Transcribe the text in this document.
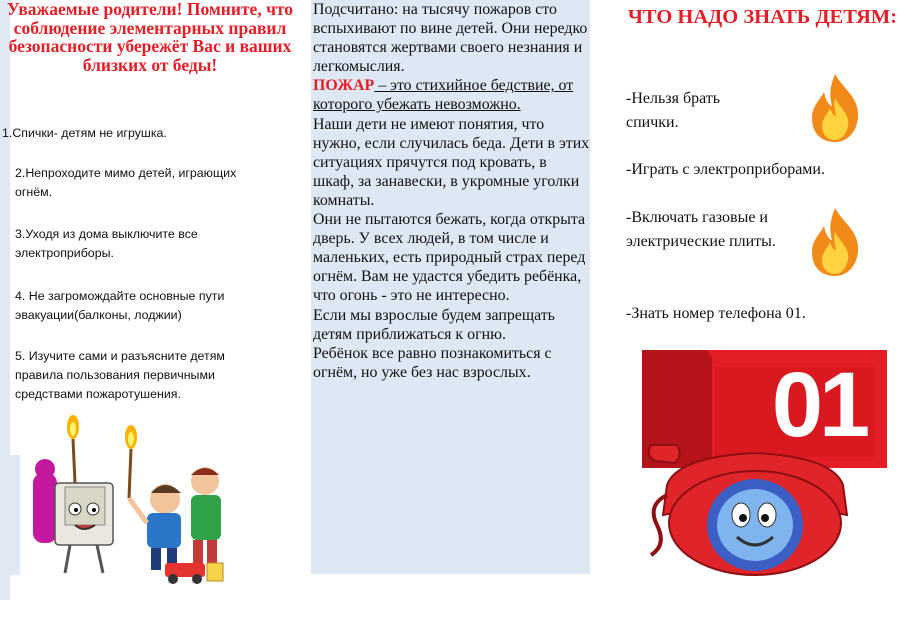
Уважаемые родители! Помните, что соблюдение элементарных правил безопасности убережёт Вас и ваших близких от беды!
1.Спички- детям не игрушка.
2.Непроходите мимо детей, играющих огнём.
3.Уходя из дома выключите все электроприборы.
4. Не загромождайте основные пути эвакуации(балконы, лоджии)
5. Изучите сами и разъясните детям правила пользования первичными средствами пожаротушения.

Подсчитано: на тысячу пожаров сто вспыхивают по вине детей. Они нередко становятся жертвами своего незнания и легкомыслия.

ПОЖАР – это стихийное бедствие, от которого убежать невозможно.

Наши дети не имеют понятия, что нужно, если случилась беда. Дети в этих ситуациях прячутся под кровать, в шкаф, за занавески, в укромные уголки комнаты.

Они не пытаются бежать, когда открыта дверь. У всех людей, в том числе и маленьких, есть природный страх перед огнём. Вам не удастся убедить ребёнка, что огонь - это не интересно.

Если мы взрослые будем запрещать детям приближаться к огню.

Ребёнок все равно познакомиться с огнём, но уже без нас взрослых.

ЧТО НАДО ЗНАТЬ ДЕТЯМ:
-Нельзя брать спички.
-Играть с электроприборами.
-Включать газовые и электрические плиты.
-Знать номер телефона 01.
01
